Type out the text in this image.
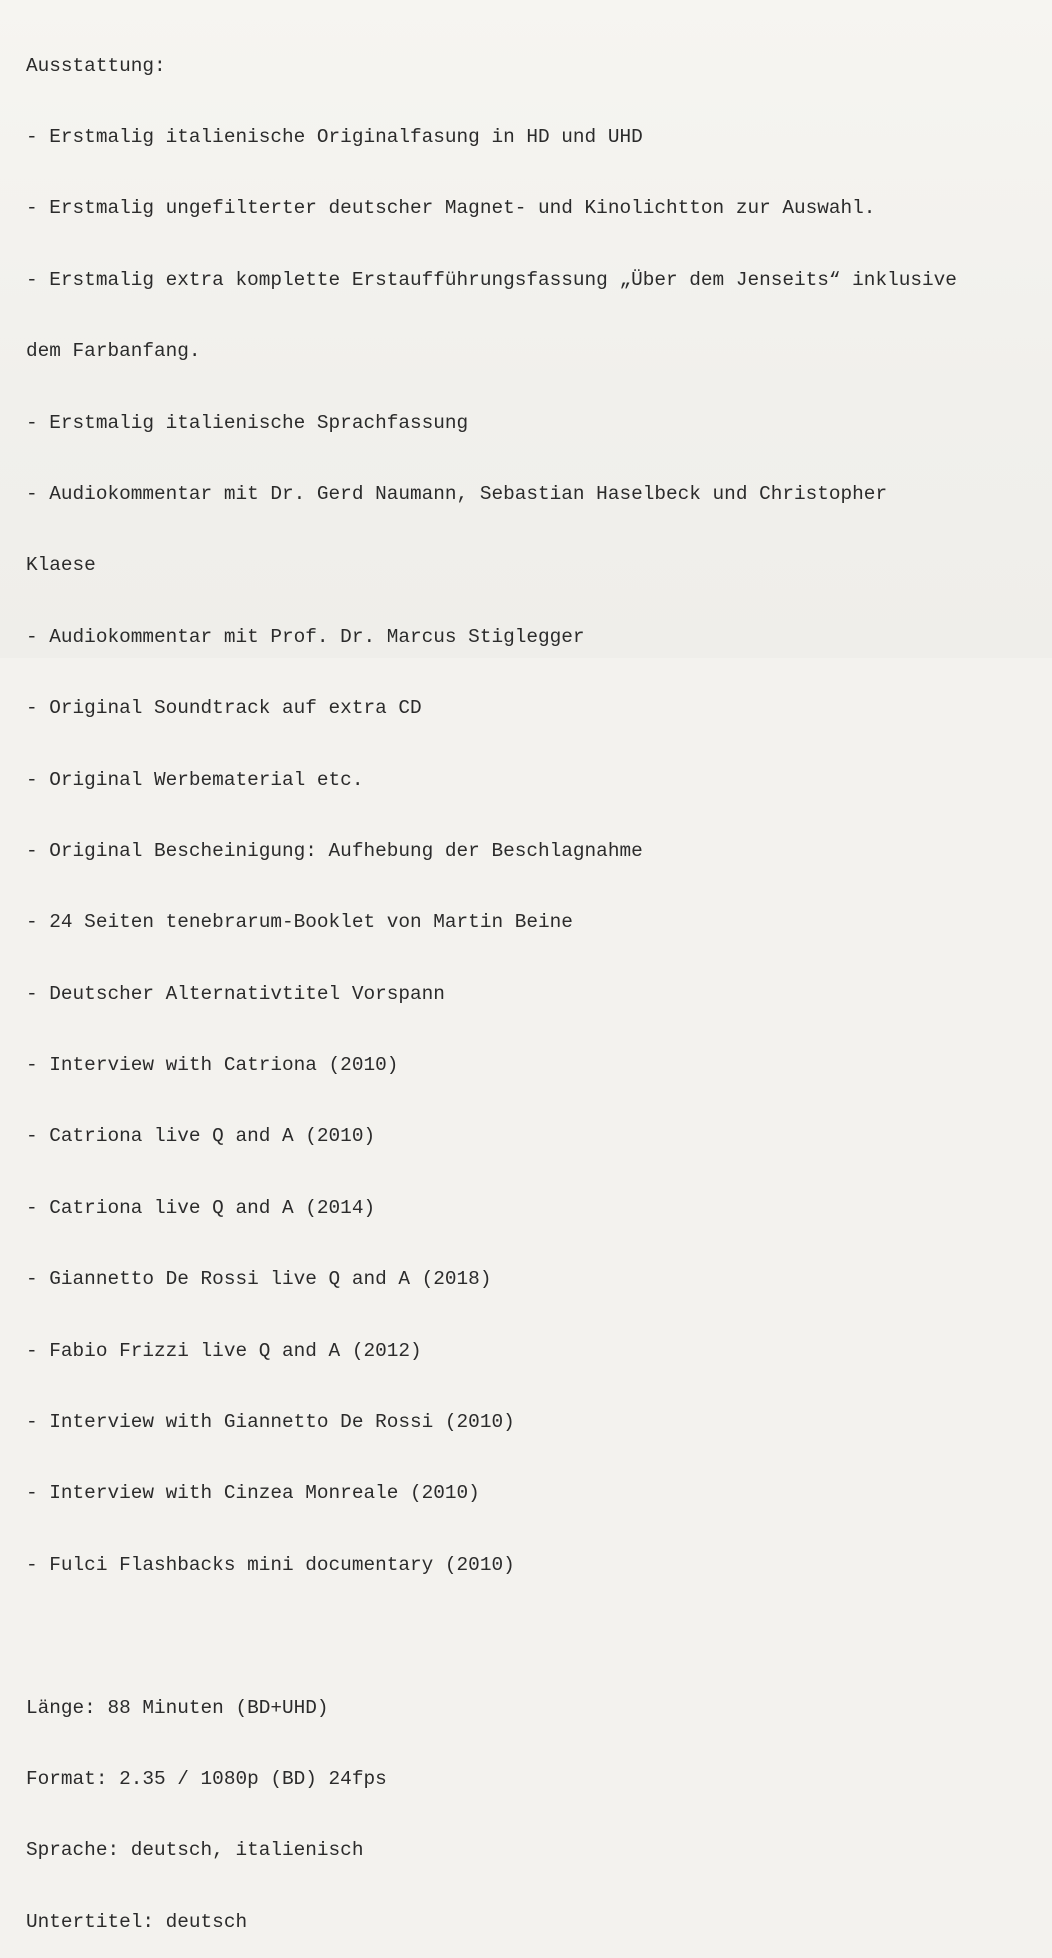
Ausstattung:

- Erstmalig italienische Originalfasung in HD und UHD

- Erstmalig ungefilterter deutscher Magnet- und Kinolichtton zur Auswahl.

- Erstmalig extra komplette Erstaufführungsfassung „Über dem Jenseits“ inklusive

dem Farbanfang.

- Erstmalig italienische Sprachfassung

- Audiokommentar mit Dr. Gerd Naumann, Sebastian Haselbeck und Christopher

Klaese

- Audiokommentar mit Prof. Dr. Marcus Stiglegger

- Original Soundtrack auf extra CD

- Original Werbematerial etc.

- Original Bescheinigung: Aufhebung der Beschlagnahme

- 24 Seiten tenebrarum-Booklet von Martin Beine

- Deutscher Alternativtitel Vorspann

- Interview with Catriona (2010)

- Catriona live Q and A (2010)

- Catriona live Q and A (2014)

- Giannetto De Rossi live Q and A (2018)

- Fabio Frizzi live Q and A (2012)

- Interview with Giannetto De Rossi (2010)

- Interview with Cinzea Monreale (2010)

- Fulci Flashbacks mini documentary (2010)

Länge: 88 Minuten (BD+UHD)

Format: 2.35 / 1080p (BD) 24fps

Sprache: deutsch, italienisch

Untertitel: deutsch
